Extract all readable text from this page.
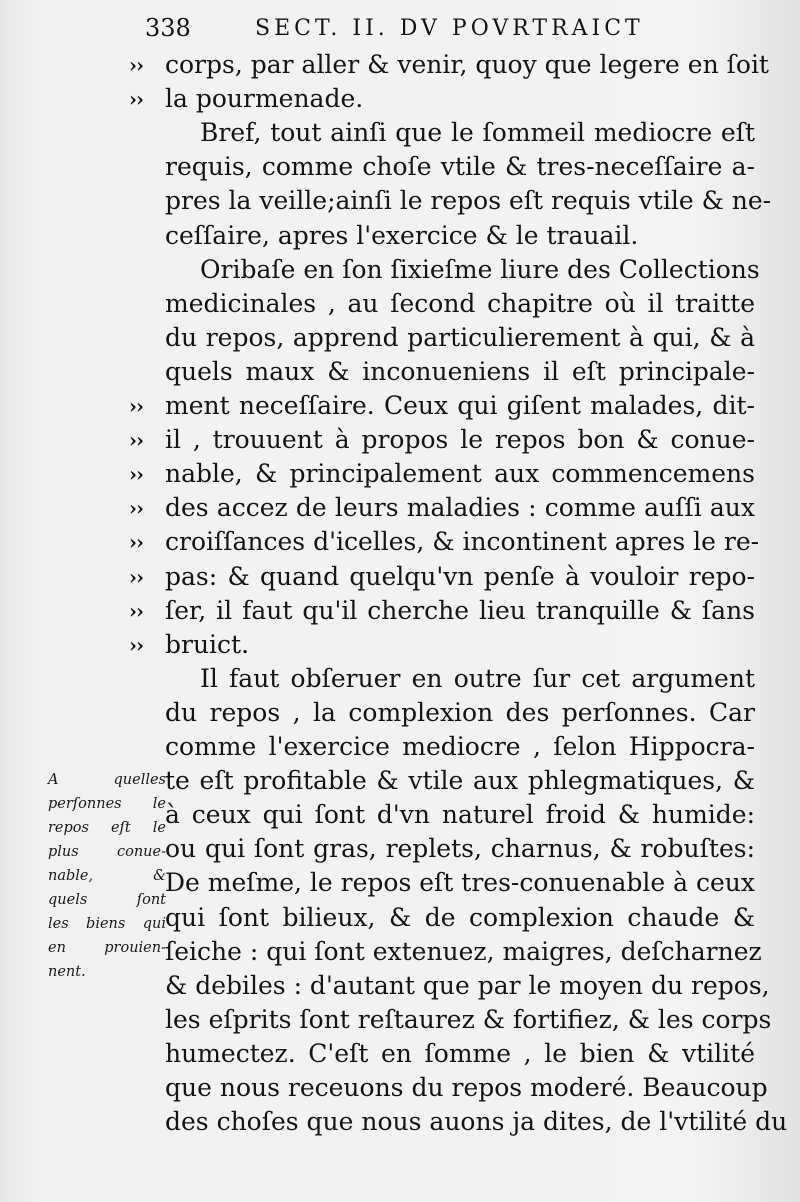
338	SECT. II. DV POVRTRAICT
corps, par aller & venir, quoy que legere en ſoit
››
la pourmenade.
››
Bref, tout ainſi que le ſommeil mediocre eſt
requis, comme choſe vtile & tres-neceſſaire a-
pres la veille;ainſi le repos eſt requis vtile & ne-
ceſſaire, apres l'exercice & le trauail.
Oribaſe en ſon ſixieſme liure des Collections
medicinales , au ſecond chapitre où il traitte
du repos, apprend particulierement à qui, & à
quels maux & inconueniens il eſt principale-
ment neceſſaire. Ceux qui giſent malades, dit-
››
il , trouuent à propos le repos bon & conue-
››
nable, & principalement aux commencemens
››
des accez de leurs maladies : comme auſſi aux
››
croiſſances d'icelles, & incontinent apres le re-
››
pas: & quand quelqu'vn penſe à vouloir repo-
››
ſer, il faut qu'il cherche lieu tranquille & ſans
››
bruict.
››
Il faut obſeruer en outre ſur cet argument
du repos , la complexion des perſonnes. Car
comme l'exercice mediocre , ſelon Hippocra-
te eſt profitable & vtile aux phlegmatiques, &
à ceux qui ſont d'vn naturel froid & humide:
ou qui ſont gras, replets, charnus, & robuſtes:
De meſme, le repos eſt tres-conuenable à ceux
qui ſont bilieux, & de complexion chaude &
ſeiche : qui ſont extenuez, maigres, deſcharnez
& debiles : d'autant que par le moyen du repos,
les eſprits ſont reſtaurez & fortifiez, & les corps
humectez. C'eſt en ſomme , le bien & vtilité
que nous receuons du repos moderé. Beaucoup
des choſes que nous auons ja dites, de l'vtilité du
A quelles
perſonnes le
repos eſt le
plus conue-
nable, &
quels ſont
les biens qui
en prouien-
nent.
